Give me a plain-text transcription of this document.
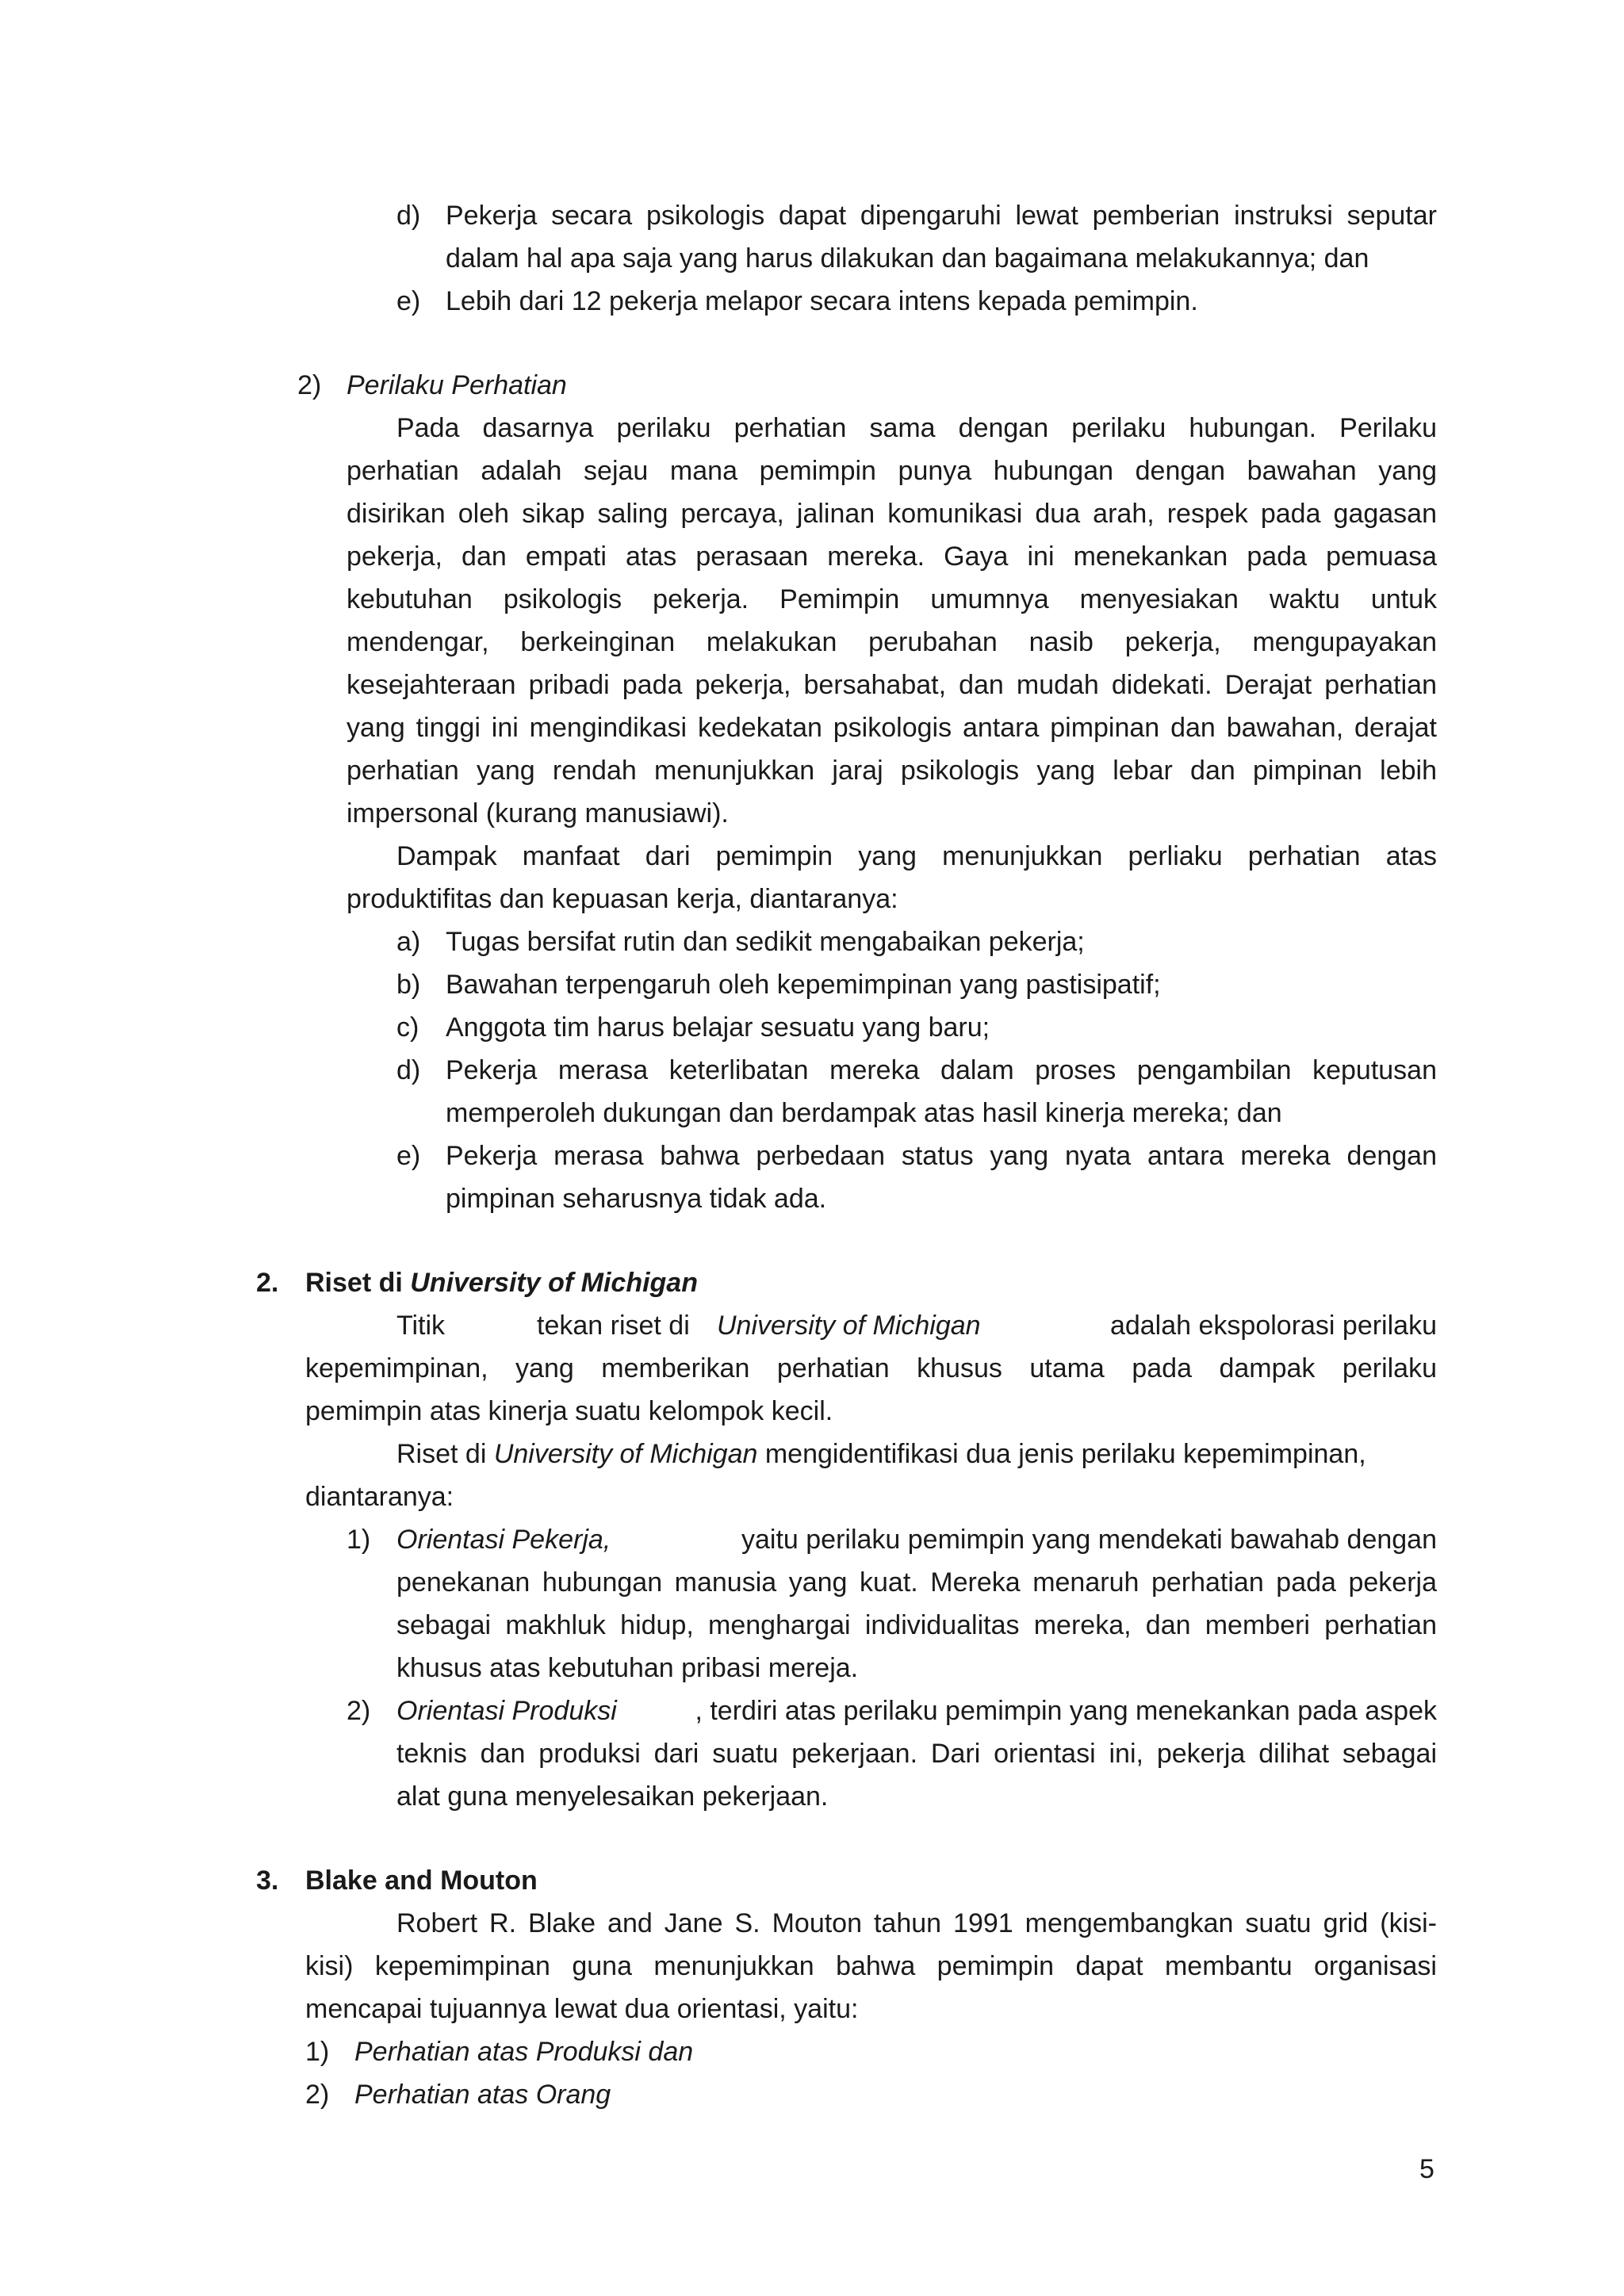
d) Pekerja secara psikologis dapat dipengaruhi lewat pemberian instruksi seputar
dalam hal apa saja yang harus dilakukan dan bagaimana melakukannya; dan
e) Lebih dari 12 pekerja melapor secara intens kepada pemimpin.
2) Perilaku Perhatian
Pada dasarnya perilaku perhatian sama dengan perilaku hubungan. Perilaku
perhatian adalah sejau mana pemimpin punya hubungan dengan bawahan yang
disirikan oleh sikap saling percaya, jalinan komunikasi dua arah, respek pada gagasan
pekerja, dan empati atas perasaan mereka. Gaya ini menekankan pada pemuasa
kebutuhan psikologis pekerja. Pemimpin umumnya menyesiakan waktu untuk
mendengar, berkeinginan melakukan perubahan nasib pekerja, mengupayakan
kesejahteraan pribadi pada pekerja, bersahabat, dan mudah didekati. Derajat perhatian
yang tinggi ini mengindikasi kedekatan psikologis antara pimpinan dan bawahan, derajat
perhatian yang rendah menunjukkan jaraj psikologis yang lebar dan pimpinan lebih
impersonal (kurang manusiawi).
Dampak manfaat dari pemimpin yang menunjukkan perliaku perhatian atas
produktifitas dan kepuasan kerja, diantaranya:
a) Tugas bersifat rutin dan sedikit mengabaikan pekerja;
b) Bawahan terpengaruh oleh kepemimpinan yang pastisipatif;
c) Anggota tim harus belajar sesuatu yang baru;
d) Pekerja merasa keterlibatan mereka dalam proses pengambilan keputusan
memperoleh dukungan dan berdampak atas hasil kinerja mereka; dan
e) Pekerja merasa bahwa perbedaan status yang nyata antara mereka dengan
pimpinan seharusnya tidak ada.
2. Riset di University of Michigan
Titik	tekan riset di University of Michigan	adalah ekspolorasi perilaku
kepemimpinan, yang memberikan perhatian khusus utama pada dampak perilaku
pemimpin atas kinerja suatu kelompok kecil.
Riset di University of Michigan mengidentifikasi dua jenis perilaku kepemimpinan,
diantaranya:
1) Orientasi Pekerja,	yaitu perilaku pemimpin yang mendekati bawahab dengan
penekanan hubungan manusia yang kuat. Mereka menaruh perhatian pada pekerja
sebagai makhluk hidup, menghargai individualitas mereka, dan memberi perhatian
khusus atas kebutuhan pribasi mereja.
2) Orientasi Produksi	, terdiri atas perilaku pemimpin yang menekankan pada aspek
teknis dan produksi dari suatu pekerjaan. Dari orientasi ini, pekerja dilihat sebagai
alat guna menyelesaikan pekerjaan.
3. Blake and Mouton
Robert R. Blake and Jane S. Mouton tahun 1991 mengembangkan suatu grid (kisi-
kisi) kepemimpinan guna menunjukkan bahwa pemimpin dapat membantu organisasi
mencapai tujuannya lewat dua orientasi, yaitu:
1) Perhatian atas Produksi dan
2) Perhatian atas Orang
5
